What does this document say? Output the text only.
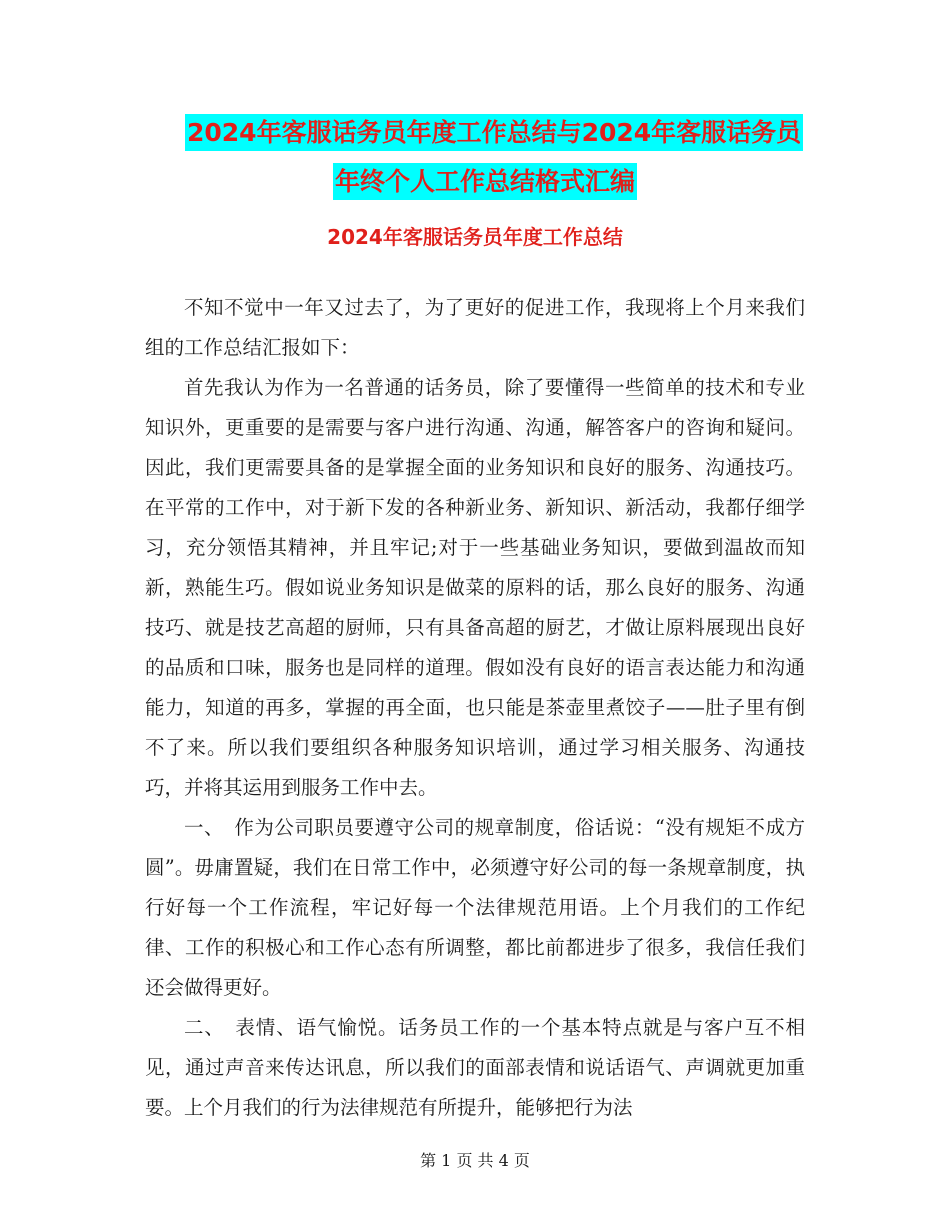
2024年客服话务员年度工作总结与2024年客服话务员
年终个人工作总结格式汇编
2024年客服话务员年度工作总结

不知不觉中一年又过去了，为了更好的促进工作，我现将上个月来我们组的工作总结汇报如下：

首先我认为作为一名普通的话务员，除了要懂得一些简单的技术和专业知识外，更重要的是需要与客户进行沟通、沟通，解答客户的咨询和疑问。因此，我们更需要具备的是掌握全面的业务知识和良好的服务、沟通技巧。在平常的工作中，对于新下发的各种新业务、新知识、新活动，我都仔细学习，充分领悟其精神，并且牢记;对于一些基础业务知识，要做到温故而知新，熟能生巧。假如说业务知识是做菜的原料的话，那么良好的服务、沟通技巧、就是技艺高超的厨师，只有具备高超的厨艺，才做让原料展现出良好的品质和口味，服务也是同样的道理。假如没有良好的语言表达能力和沟通能力，知道的再多，掌握的再全面，也只能是茶壶里煮饺子——肚子里有倒不了来。所以我们要组织各种服务知识培训，通过学习相关服务、沟通技巧，并将其运用到服务工作中去。

一、　作为公司职员要遵守公司的规章制度，俗话说：“没有规矩不成方圆”。毋庸置疑，我们在日常工作中，必须遵守好公司的每一条规章制度，执行好每一个工作流程，牢记好每一个法律规范用语。上个月我们的工作纪律、工作的积极心和工作心态有所调整，都比前都进步了很多，我信任我们还会做得更好。

二、　表情、语气愉悦。话务员工作的一个基本特点就是与客户互不相见，通过声音来传达讯息，所以我们的面部表情和说话语气、声调就更加重要。上个月我们的行为法律规范有所提升，能够把行为法

第 1 页 共 4 页
